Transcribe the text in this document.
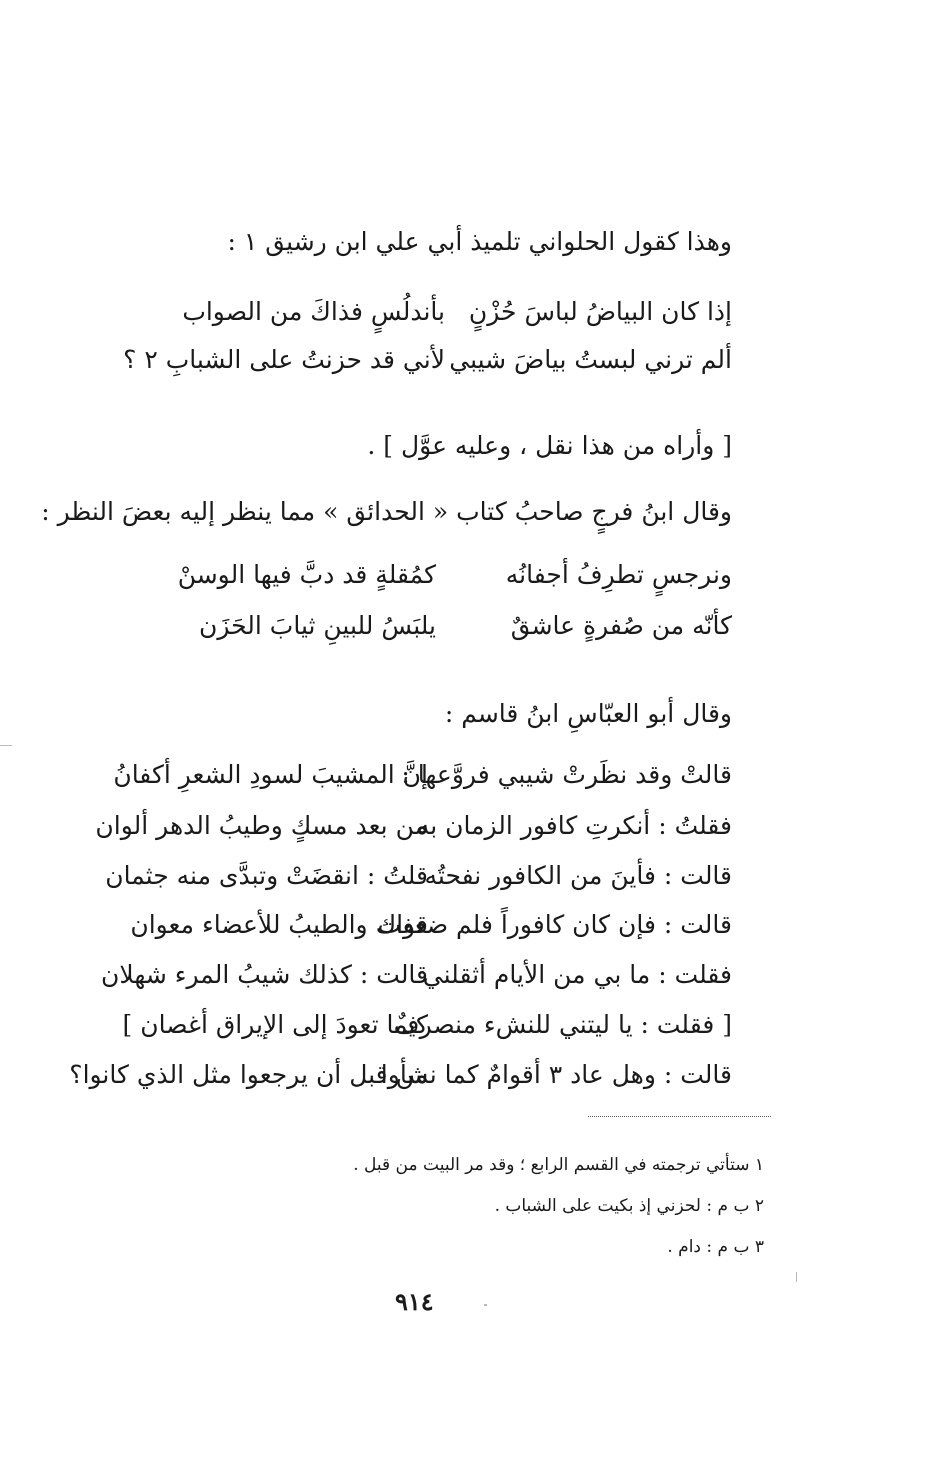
وهذا كقول الحلواني تلميذ أبي علي ابن رشيق ١ :
إذا كان البياضُ لباسَ حُزْنٍ
بأندلُسٍ فذاكَ من الصواب
ألم ترني لبستُ بياضَ شيبي
لأني قد حزنتُ على الشبابِ ٢ ؟
[ وأراه من هذا نقل ، وعليه عوَّل ] .
وقال ابنُ فرجٍ صاحبُ كتاب « الحدائق » مما ينظر إليه بعضَ النظر :
ونرجسٍ تطرِفُ أجفانُه
كمُقلةٍ قد دبَّ فيها الوسنْ
كأنّه من صُفرةٍ عاشقٌ
يلبَسُ للبينِ ثيابَ الحَزَن
وقال أبو العبّاسِ ابنُ قاسم :
قالتْ وقد نظَرتْ شيبي فروَّعها :
إنَّ المشيبَ لسودِ الشعرِ أكفانُ
فقلتُ : أنكرتِ كافور الزمان به
من بعد مسكٍ وطيبُ الدهر ألوان
قالت : فأينَ من الكافور نفحتُه
قلتُ : انقضَتْ وتبدَّى منه جثمان
قالت : فإن كان كافوراً فلم ضعفت
قواك والطيبُ للأعضاء معوان
فقلت : ما بي من الأيام أثقلني
قالت : كذلك شيبُ المرء شهلان
[ فقلت : يا ليتني للنشء منصرفٌ
كيما تعودَ إلى الإيراق أغصان ]
قالت : وهل عاد ٣ أقوامٌ كما نشأوا
من قبل أن يرجعوا مثل الذي كانوا؟
١ ستأتي ترجمته في القسم الرابع ؛ وقد مر البيت من قبل .
٢ ب م : لحزني إذ بكيت على الشباب .
٣ ب م : دام .
٩١٤
